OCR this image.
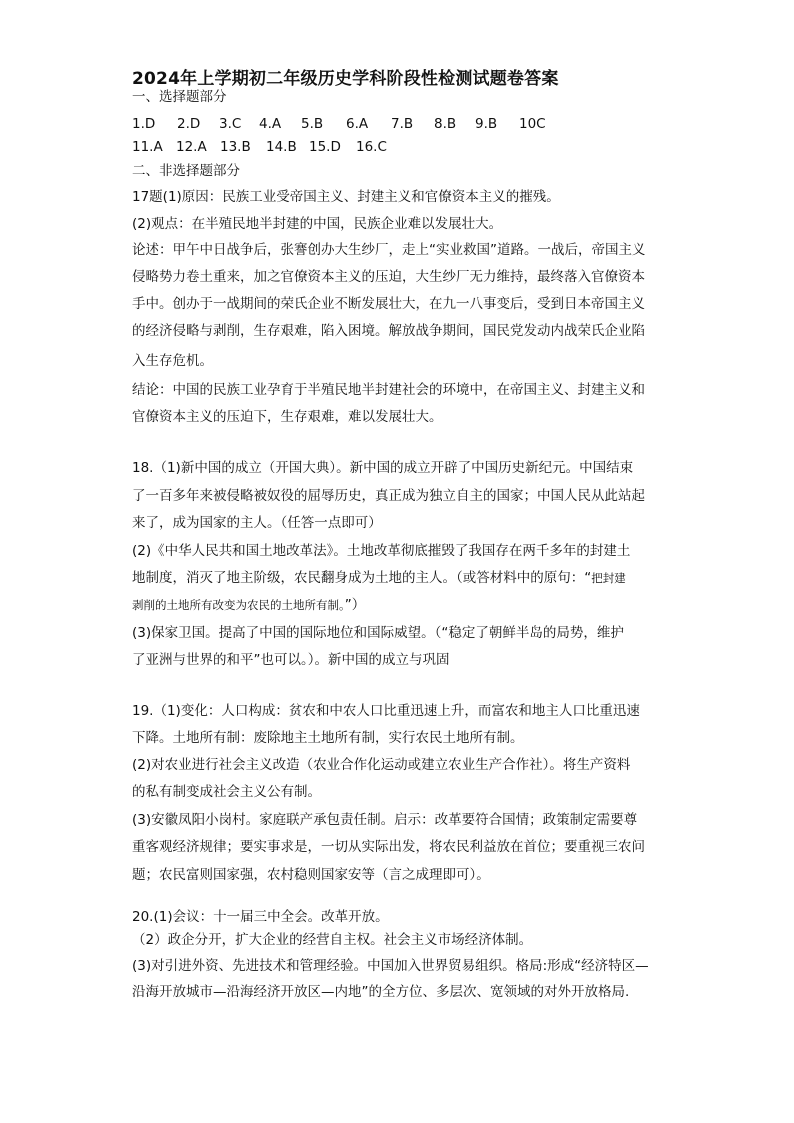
2024年上学期初二年级历史学科阶段性检测试题卷答案
一、选择题部分
1.D 2.D 3.C 4.A 5.B 6.A 7.B 8.B 9.B 10C
11.A 12.A 13.B 14.B 15.D 16.C
二、非选择题部分
17题(1)原因：民族工业受帝国主义、封建主义和官僚资本主义的摧残。
(2)观点：在半殖民地半封建的中国，民族企业难以发展壮大。
论述：甲午中日战争后，张謇创办大生纱厂，走上“实业救国”道路。一战后，帝国主义
侵略势力卷土重来，加之官僚资本主义的压迫，大生纱厂无力维持，最终落入官僚资本
手中。创办于一战期间的荣氏企业不断发展壮大，在九一八事变后，受到日本帝国主义
的经济侵略与剥削，生存艰难，陷入困境。解放战争期间，国民党发动内战荣氏企业陷
入生存危机。
结论：中国的民族工业孕育于半殖民地半封建社会的环境中，在帝国主义、封建主义和
官僚资本主义的压迫下，生存艰难，难以发展壮大。
18.（1)新中国的成立（开国大典）。新中国的成立开辟了中国历史新纪元。中国结束
了一百多年来被侵略被奴役的屈辱历史，真正成为独立自主的国家；中国人民从此站起
来了，成为国家的主人。（任答一点即可）
(2)《中华人民共和国土地改革法》。土地改革彻底摧毁了我国存在两千多年的封建土
地制度，消灭了地主阶级，农民翻身成为土地的主人。（或答材料中的原句：“把封建
剥削的土地所有改变为农民的土地所有制。”）
(3)保家卫国。提高了中国的国际地位和国际威望。（“稳定了朝鲜半岛的局势，维护
了亚洲与世界的和平”也可以。）。新中国的成立与巩固
19.（1)变化：人口构成：贫农和中农人口比重迅速上升，而富农和地主人口比重迅速
下降。土地所有制：废除地主土地所有制，实行农民土地所有制。
(2)对农业进行社会主义改造（农业合作化运动或建立农业生产合作社）。将生产资料
的私有制变成社会主义公有制。
(3)安徽凤阳小岗村。家庭联产承包责任制。启示：改革要符合国情；政策制定需要尊
重客观经济规律；要实事求是，一切从实际出发，将农民利益放在首位；要重视三农问
题；农民富则国家强，农村稳则国家安等（言之成理即可）。
20.(1)会议：十一届三中全会。改革开放。
（2）政企分开，扩大企业的经营自主权。社会主义市场经济体制。
(3)对引进外资、先进技术和管理经验。中国加入世界贸易组织。格局:形成“经济特区—
沿海开放城市—沿海经济开放区—内地”的全方位、多层次、宽领域的对外开放格局.
